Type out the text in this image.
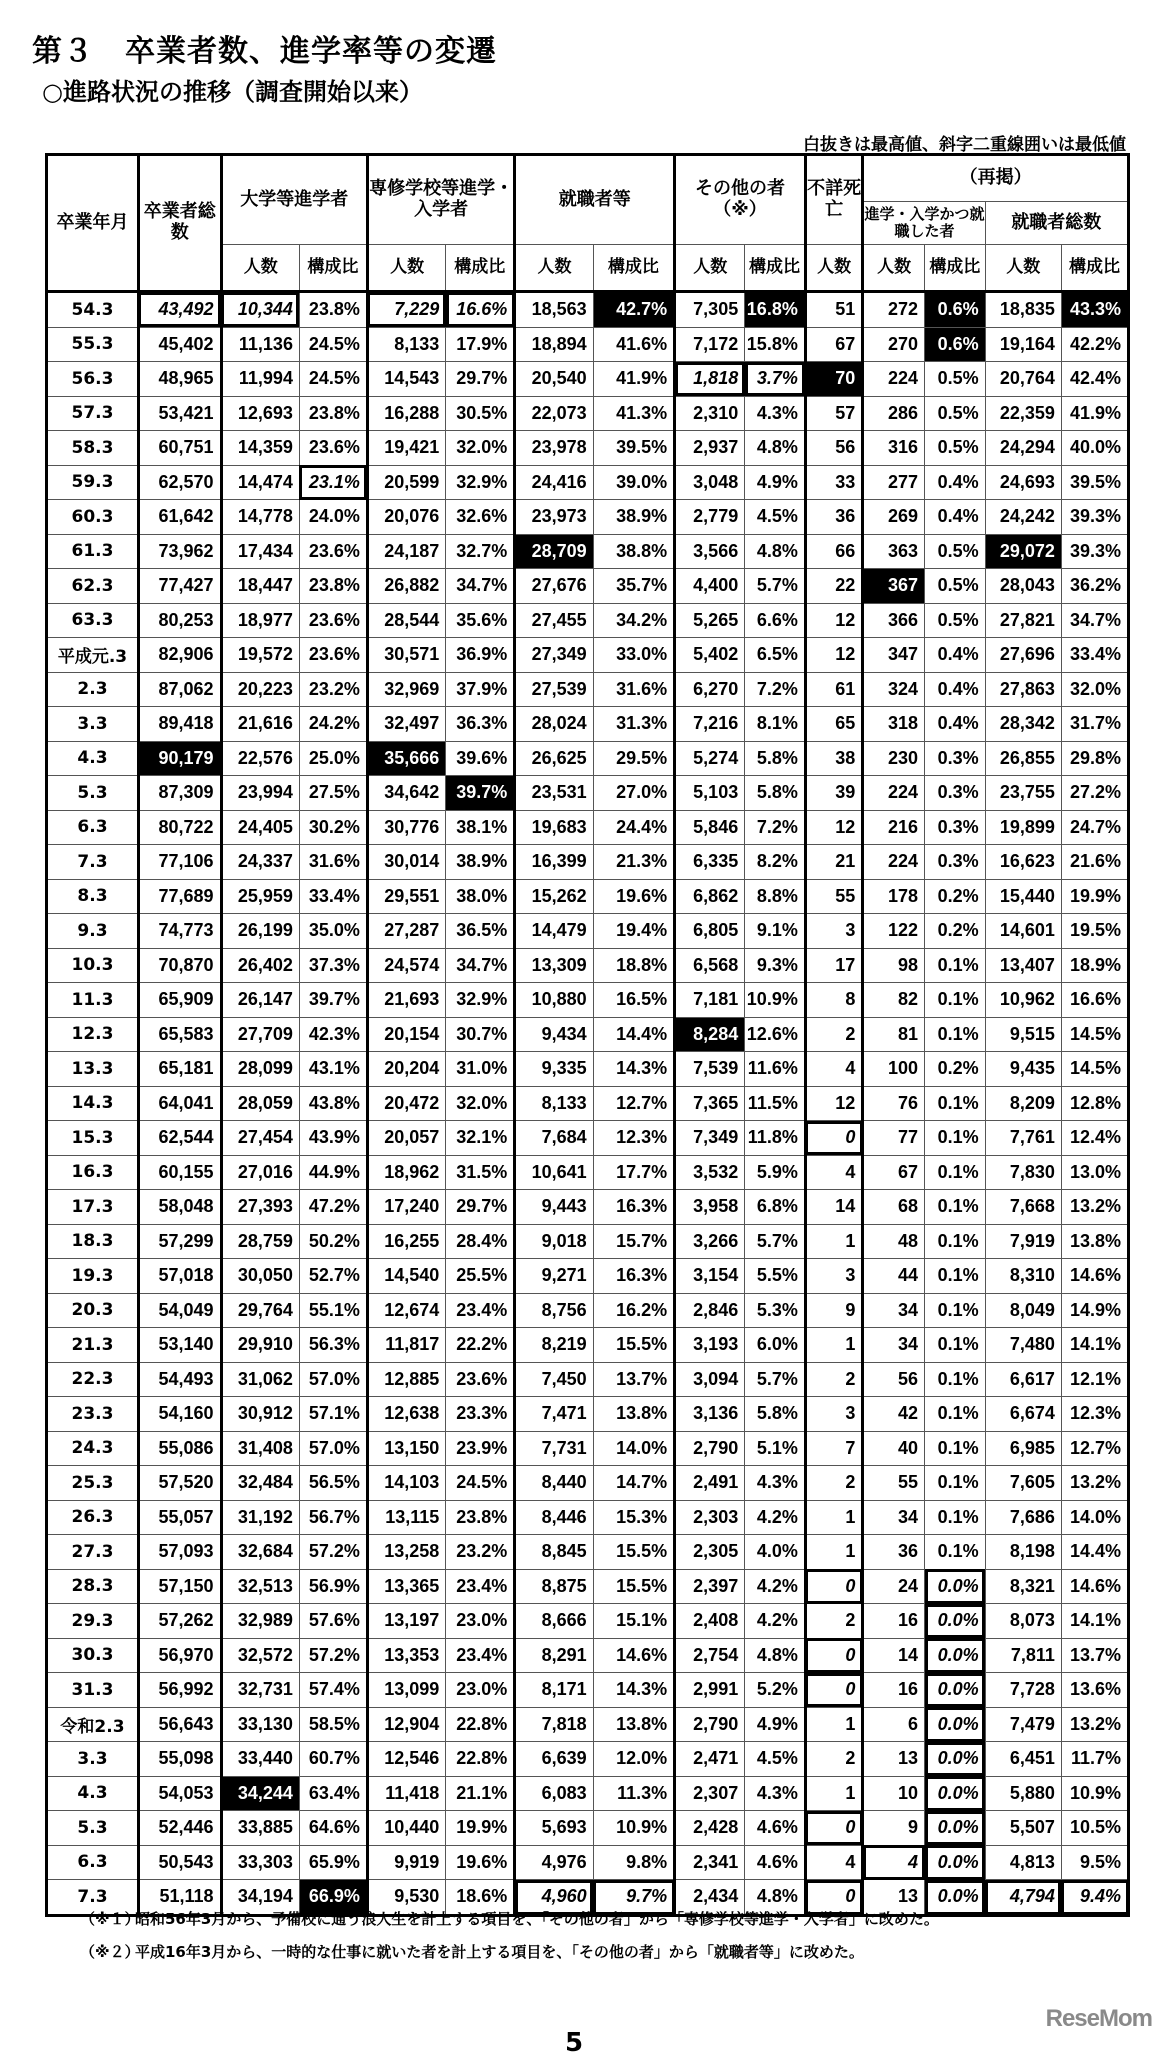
第３　卒業者数、進学率等の変遷
○進路状況の推移（調査開始以来）
白抜きは最高値、斜字二重線囲いは最低値
卒業年月	卒業者総数	大学等進学者		専修学校等進学・入学者		就職者等		その他の者（※）		不詳死亡	（再掲）			
											進学・入学かつ就職した者		就職者総数	
		人数	構成比	人数	構成比	人数	構成比	人数	構成比	人数	人数	構成比	人数	構成比
54.3	43,492	10,344	23.8%	7,229	16.6%	18,563	42.7%	7,305	16.8%	51	272	0.6%	18,835	43.3%
55.3	45,402	11,136	24.5%	8,133	17.9%	18,894	41.6%	7,172	15.8%	67	270	0.6%	19,164	42.2%
56.3	48,965	11,994	24.5%	14,543	29.7%	20,540	41.9%	1,818	3.7%	70	224	0.5%	20,764	42.4%
57.3	53,421	12,693	23.8%	16,288	30.5%	22,073	41.3%	2,310	4.3%	57	286	0.5%	22,359	41.9%
58.3	60,751	14,359	23.6%	19,421	32.0%	23,978	39.5%	2,937	4.8%	56	316	0.5%	24,294	40.0%
59.3	62,570	14,474	23.1%	20,599	32.9%	24,416	39.0%	3,048	4.9%	33	277	0.4%	24,693	39.5%
60.3	61,642	14,778	24.0%	20,076	32.6%	23,973	38.9%	2,779	4.5%	36	269	0.4%	24,242	39.3%
61.3	73,962	17,434	23.6%	24,187	32.7%	28,709	38.8%	3,566	4.8%	66	363	0.5%	29,072	39.3%
62.3	77,427	18,447	23.8%	26,882	34.7%	27,676	35.7%	4,400	5.7%	22	367	0.5%	28,043	36.2%
63.3	80,253	18,977	23.6%	28,544	35.6%	27,455	34.2%	5,265	6.6%	12	366	0.5%	27,821	34.7%
平成元.3	82,906	19,572	23.6%	30,571	36.9%	27,349	33.0%	5,402	6.5%	12	347	0.4%	27,696	33.4%
2.3	87,062	20,223	23.2%	32,969	37.9%	27,539	31.6%	6,270	7.2%	61	324	0.4%	27,863	32.0%
3.3	89,418	21,616	24.2%	32,497	36.3%	28,024	31.3%	7,216	8.1%	65	318	0.4%	28,342	31.7%
4.3	90,179	22,576	25.0%	35,666	39.6%	26,625	29.5%	5,274	5.8%	38	230	0.3%	26,855	29.8%
5.3	87,309	23,994	27.5%	34,642	39.7%	23,531	27.0%	5,103	5.8%	39	224	0.3%	23,755	27.2%
6.3	80,722	24,405	30.2%	30,776	38.1%	19,683	24.4%	5,846	7.2%	12	216	0.3%	19,899	24.7%
7.3	77,106	24,337	31.6%	30,014	38.9%	16,399	21.3%	6,335	8.2%	21	224	0.3%	16,623	21.6%
8.3	77,689	25,959	33.4%	29,551	38.0%	15,262	19.6%	6,862	8.8%	55	178	0.2%	15,440	19.9%
9.3	74,773	26,199	35.0%	27,287	36.5%	14,479	19.4%	6,805	9.1%	3	122	0.2%	14,601	19.5%
10.3	70,870	26,402	37.3%	24,574	34.7%	13,309	18.8%	6,568	9.3%	17	98	0.1%	13,407	18.9%
11.3	65,909	26,147	39.7%	21,693	32.9%	10,880	16.5%	7,181	10.9%	8	82	0.1%	10,962	16.6%
12.3	65,583	27,709	42.3%	20,154	30.7%	9,434	14.4%	8,284	12.6%	2	81	0.1%	9,515	14.5%
13.3	65,181	28,099	43.1%	20,204	31.0%	9,335	14.3%	7,539	11.6%	4	100	0.2%	9,435	14.5%
14.3	64,041	28,059	43.8%	20,472	32.0%	8,133	12.7%	7,365	11.5%	12	76	0.1%	8,209	12.8%
15.3	62,544	27,454	43.9%	20,057	32.1%	7,684	12.3%	7,349	11.8%	0	77	0.1%	7,761	12.4%
16.3	60,155	27,016	44.9%	18,962	31.5%	10,641	17.7%	3,532	5.9%	4	67	0.1%	7,830	13.0%
17.3	58,048	27,393	47.2%	17,240	29.7%	9,443	16.3%	3,958	6.8%	14	68	0.1%	7,668	13.2%
18.3	57,299	28,759	50.2%	16,255	28.4%	9,018	15.7%	3,266	5.7%	1	48	0.1%	7,919	13.8%
19.3	57,018	30,050	52.7%	14,540	25.5%	9,271	16.3%	3,154	5.5%	3	44	0.1%	8,310	14.6%
20.3	54,049	29,764	55.1%	12,674	23.4%	8,756	16.2%	2,846	5.3%	9	34	0.1%	8,049	14.9%
21.3	53,140	29,910	56.3%	11,817	22.2%	8,219	15.5%	3,193	6.0%	1	34	0.1%	7,480	14.1%
22.3	54,493	31,062	57.0%	12,885	23.6%	7,450	13.7%	3,094	5.7%	2	56	0.1%	6,617	12.1%
23.3	54,160	30,912	57.1%	12,638	23.3%	7,471	13.8%	3,136	5.8%	3	42	0.1%	6,674	12.3%
24.3	55,086	31,408	57.0%	13,150	23.9%	7,731	14.0%	2,790	5.1%	7	40	0.1%	6,985	12.7%
25.3	57,520	32,484	56.5%	14,103	24.5%	8,440	14.7%	2,491	4.3%	2	55	0.1%	7,605	13.2%
26.3	55,057	31,192	56.7%	13,115	23.8%	8,446	15.3%	2,303	4.2%	1	34	0.1%	7,686	14.0%
27.3	57,093	32,684	57.2%	13,258	23.2%	8,845	15.5%	2,305	4.0%	1	36	0.1%	8,198	14.4%
28.3	57,150	32,513	56.9%	13,365	23.4%	8,875	15.5%	2,397	4.2%	0	24	0.0%	8,321	14.6%
29.3	57,262	32,989	57.6%	13,197	23.0%	8,666	15.1%	2,408	4.2%	2	16	0.0%	8,073	14.1%
30.3	56,970	32,572	57.2%	13,353	23.4%	8,291	14.6%	2,754	4.8%	0	14	0.0%	7,811	13.7%
31.3	56,992	32,731	57.4%	13,099	23.0%	8,171	14.3%	2,991	5.2%	0	16	0.0%	7,728	13.6%
令和2.3	56,643	33,130	58.5%	12,904	22.8%	7,818	13.8%	2,790	4.9%	1	6	0.0%	7,479	13.2%
3.3	55,098	33,440	60.7%	12,546	22.8%	6,639	12.0%	2,471	4.5%	2	13	0.0%	6,451	11.7%
4.3	54,053	34,244	63.4%	11,418	21.1%	6,083	11.3%	2,307	4.3%	1	10	0.0%	5,880	10.9%
5.3	52,446	33,885	64.6%	10,440	19.9%	5,693	10.9%	2,428	4.6%	0	9	0.0%	5,507	10.5%
6.3	50,543	33,303	65.9%	9,919	19.6%	4,976	9.8%	2,341	4.6%	4	4	0.0%	4,813	9.5%
7.3	51,118	34,194	66.9%	9,530	18.6%	4,960	9.7%	2,434	4.8%	0	13	0.0%	4,794	9.4%
（※１）昭和56年3月から、予備校に通う浪人生を計上する項目を、「その他の者」から「専修学校等進学・入学者」に改めた。
（※２）平成16年3月から、一時的な仕事に就いた者を計上する項目を、「その他の者」から「就職者等」に改めた。
ReseMom
5
